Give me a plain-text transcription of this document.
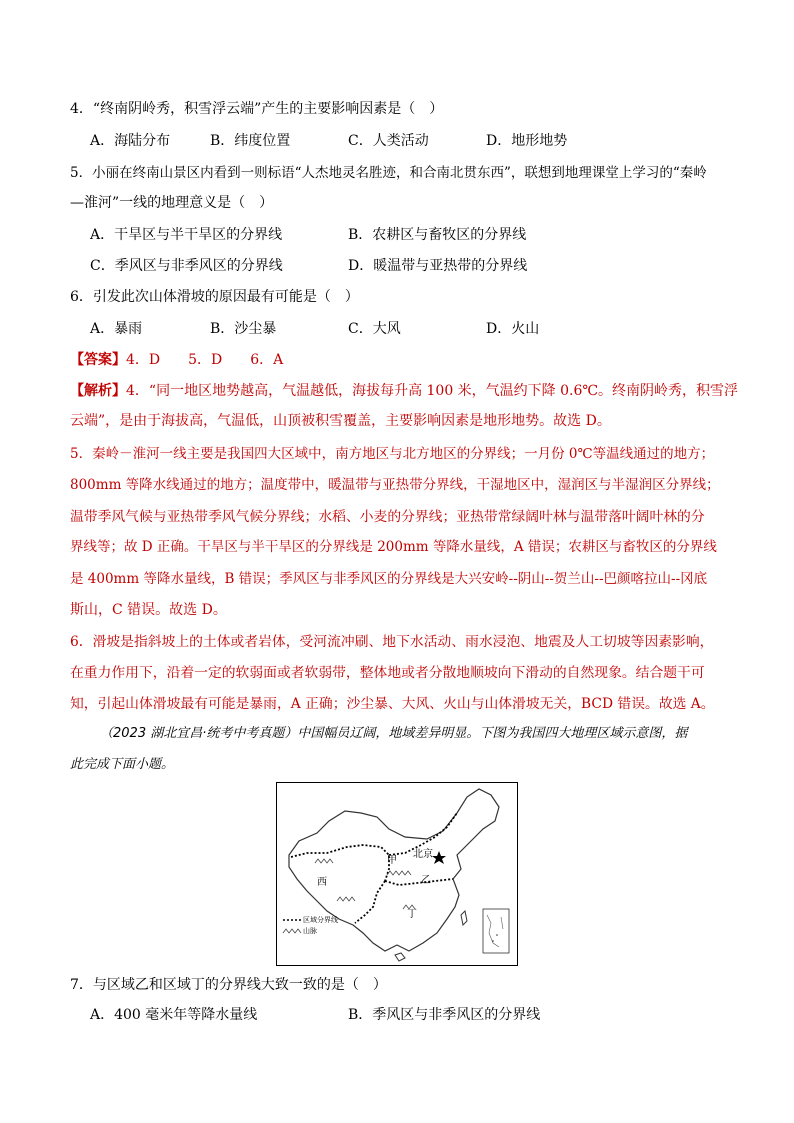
4．“终南阴岭秀，积雪浮云端”产生的主要影响因素是（　）
A．海陆分布	B．纬度位置	C．人类活动	D．地形地势
5．小丽在终南山景区内看到一则标语“人杰地灵名胜迹，和合南北贯东西”，联想到地理课堂上学习的“秦岭
—淮河”一线的地理意义是（　）
A．干旱区与半干旱区的分界线	B．农耕区与畜牧区的分界线
C．季风区与非季风区的分界线	D．暖温带与亚热带的分界线
6．引发此次山体滑坡的原因最有可能是（　）
A．暴雨	B．沙尘暴	C．大风	D．火山
【答案】4．D　　5．D　　6．A
【解析】4．“同一地区地势越高，气温越低，海拔每升高 100 米，气温约下降 0.6℃。终南阴岭秀，积雪浮
云端”，是由于海拔高，气温低，山顶被积雪覆盖，主要影响因素是地形地势。故选 D。
5．秦岭－淮河一线主要是我国四大区域中，南方地区与北方地区的分界线；一月份 0℃等温线通过的地方；
800mm 等降水线通过的地方；温度带中，暖温带与亚热带分界线，干湿地区中，湿润区与半湿润区分界线；
温带季风气候与亚热带季风气候分界线；水稻、小麦的分界线；亚热带常绿阔叶林与温带落叶阔叶林的分
界线等；故 D 正确。干旱区与半干旱区的分界线是 200mm 等降水量线，A 错误；农耕区与畜牧区的分界线
是 400mm 等降水量线，B 错误；季风区与非季风区的分界线是大兴安岭--阴山--贺兰山--巴颜喀拉山--冈底
斯山，C 错误。故选 D。
6．滑坡是指斜坡上的土体或者岩体，受河流冲刷、地下水活动、雨水浸泡、地震及人工切坡等因素影响，
在重力作用下，沿着一定的软弱面或者软弱带，整体地或者分散地顺坡向下滑动的自然现象。结合题干可
知，引起山体滑坡最有可能是暴雨，A 正确；沙尘暴、大风、火山与山体滑坡无关，BCD 错误。故选 A。
（2023 湖北宜昌·统考中考真题）中国幅员辽阔，地域差异明显。下图为我国四大地理区域示意图，据
此完成下面小题。
甲
乙
西
丁
北京
区域分界线
山脉
7．与区域乙和区域丁的分界线大致一致的是（　）
A．400 毫米年等降水量线	B．季风区与非季风区的分界线
